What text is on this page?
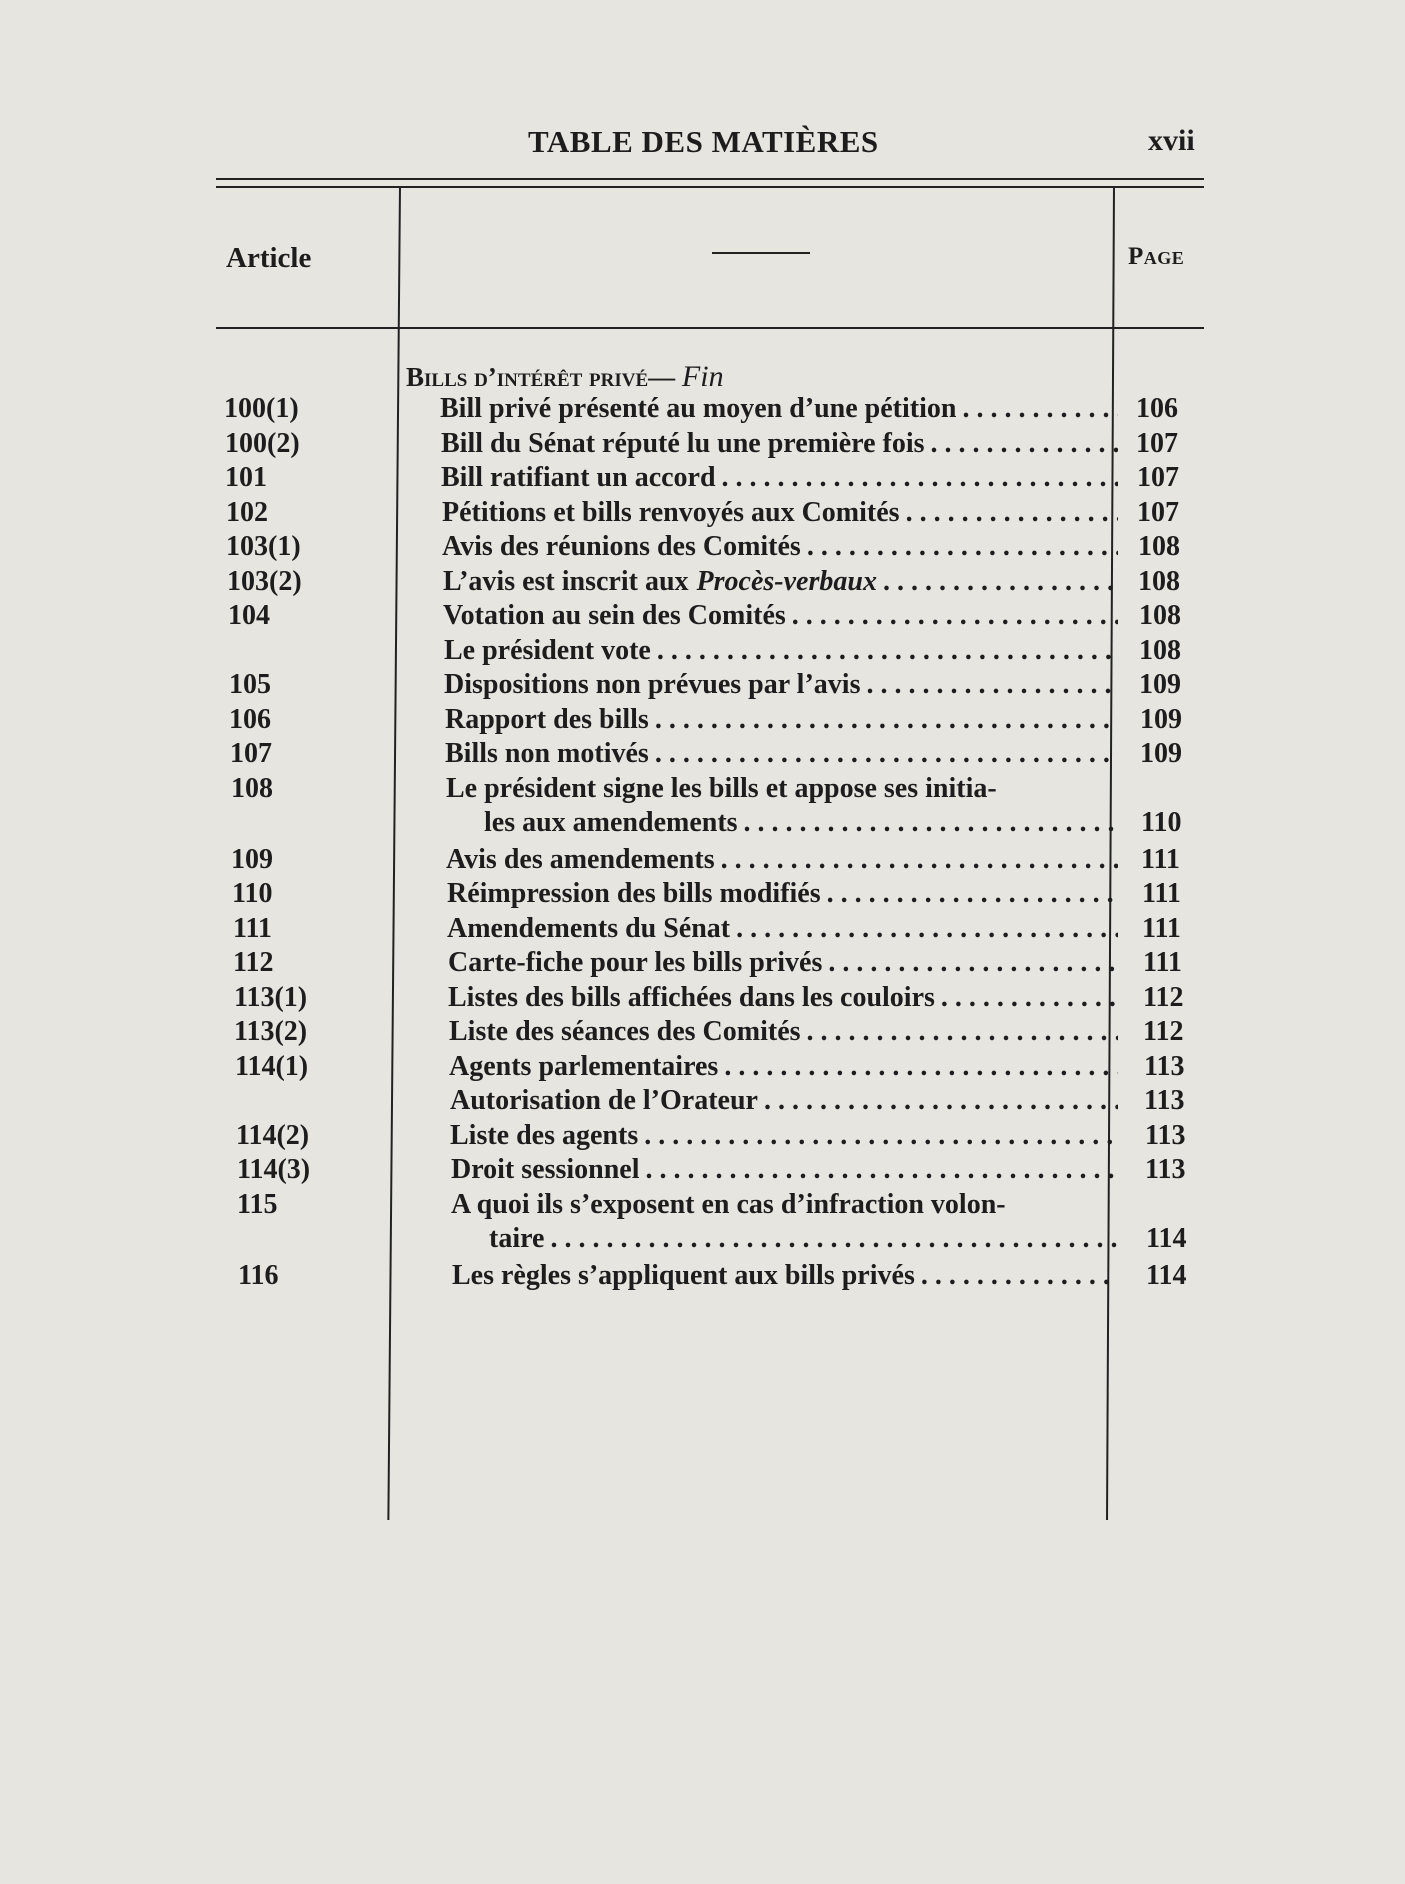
TABLE DES MATIÈRES	xvii
Article	Page
Bills d’intérêt privé— Fin
100(1)	Bill privé présenté au moyen d’une pétition . . .	106
100(2)	Bill du Sénat réputé lu une première fois . . .	107
101	Bill ratifiant un accord . . .	107
102	Pétitions et bills renvoyés aux Comités . . .	107
103(1)	Avis des réunions des Comités . . .	108
103(2)	L’avis est inscrit aux Procès-verbaux . . .	108
104	Votation au sein des Comités . . .	108
Le président vote . . .	108
105	Dispositions non prévues par l’avis . . .	109
106	Rapport des bills . . .	109
107	Bills non motivés . . .	109
108	Le président signe les bills et appose ses initia-
les aux amendements . . .	110
109	Avis des amendements . . .	111
110	Réimpression des bills modifiés . . .	111
111	Amendements du Sénat . . .	111
112	Carte-fiche pour les bills privés . . .	111
113(1)	Listes des bills affichées dans les couloirs . . .	112
113(2)	Liste des séances des Comités . . .	112
114(1)	Agents parlementaires . . .	113
Autorisation de l’Orateur . . .	113
114(2)	Liste des agents . . .	113
114(3)	Droit sessionnel . . .	113
115	A quoi ils s’exposent en cas d’infraction volon-
taire . . .	114
116	Les règles s’appliquent aux bills privés . . .	114
